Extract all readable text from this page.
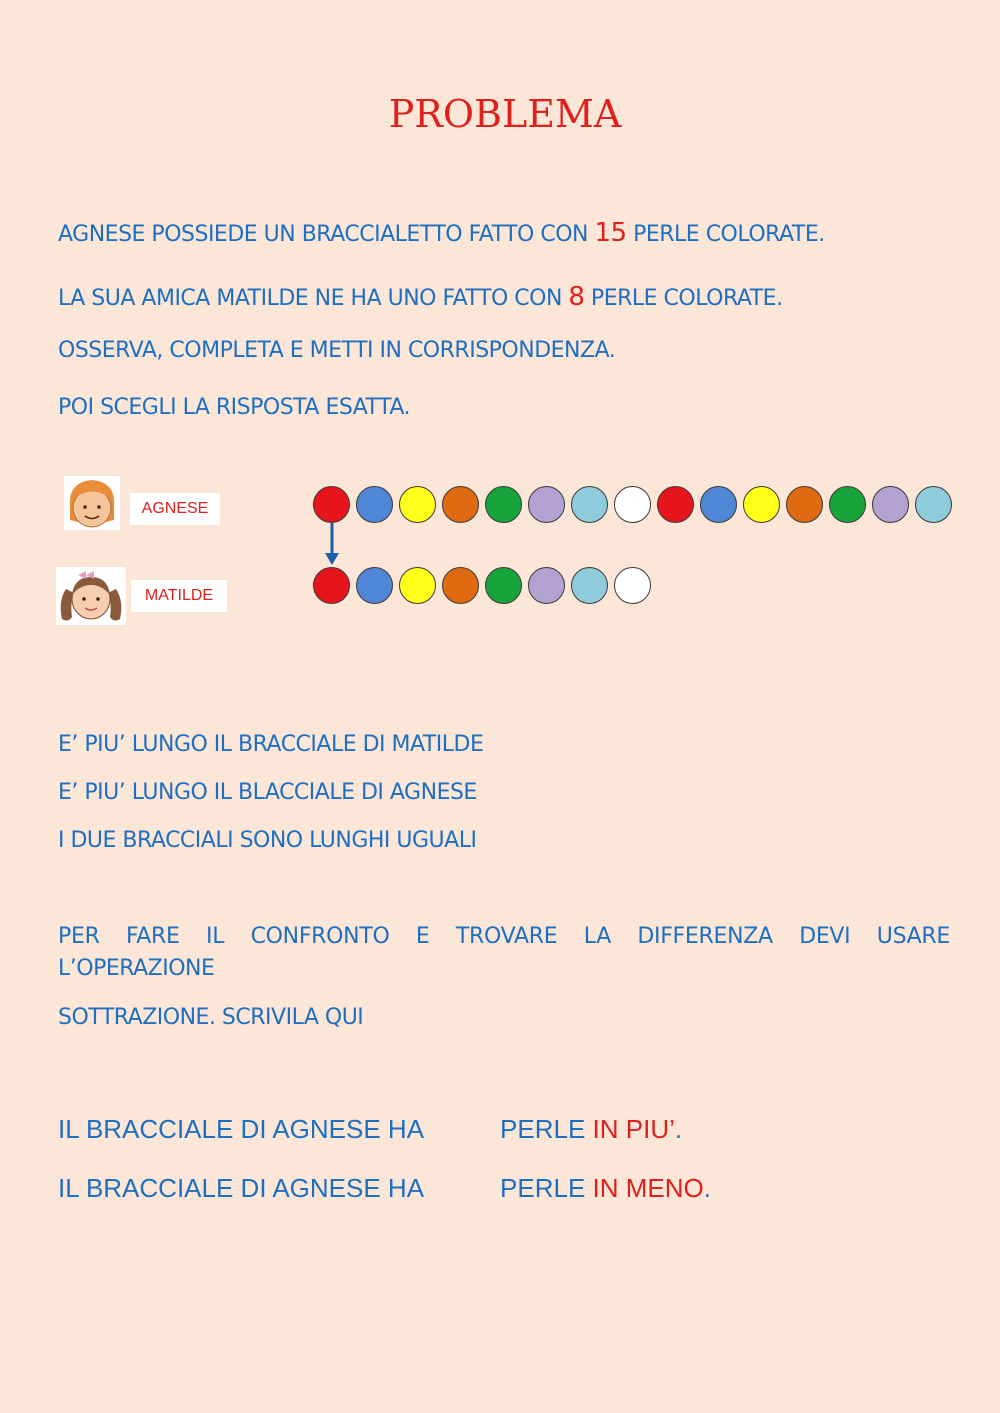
PROBLEMA
AGNESE POSSIEDE UN BRACCIALETTO FATTO CON 15 PERLE COLORATE.
LA SUA AMICA MATILDE NE HA UNO FATTO CON 8 PERLE COLORATE.
OSSERVA, COMPLETA E METTI IN CORRISPONDENZA.
POI SCEGLI LA RISPOSTA ESATTA.
AGNESE
MATILDE
E’ PIU’ LUNGO IL BRACCIALE DI MATILDE
E’ PIU’ LUNGO IL BLACCIALE DI AGNESE
I DUE BRACCIALI SONO LUNGHI UGUALI
PER FARE IL CONFRONTO E TROVARE LA DIFFERENZA DEVI USARE
L’OPERAZIONE
SOTTRAZIONE. SCRIVILA QUI
IL BRACCIALE DI AGNESE HA	PERLE IN PIU’.
IL BRACCIALE DI AGNESE HA	PERLE IN MENO.
